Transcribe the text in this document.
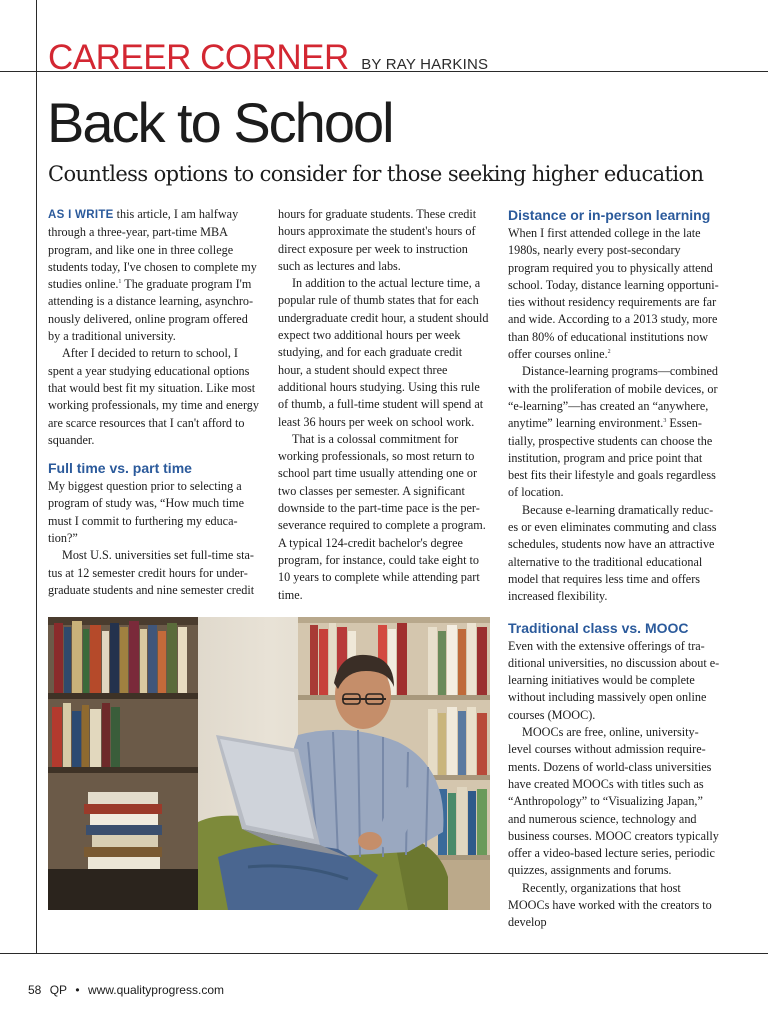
CAREER CORNER BY RAY HARKINS
Back to School
Countless options to consider for those seeking higher education

AS I WRITE this article, I am halfway through a three-year, part-time MBA program, and like one in three college students today, I've chosen to complete my studies online.$^1$ The graduate program I'm attending is a distance learning, asynchro-nously delivered, online program offered by a traditional university.

After I decided to return to school, I spent a year studying educational options that would best fit my situation. Like most working professionals, my time and energy are scarce resources that I can't afford to squander.

Full time vs. part time

My biggest question prior to selecting a program of study was, “How much time must I commit to furthering my educa-tion?”

Most U.S. universities set full-time sta-tus at 12 semester credit hours for under-graduate students and nine semester credit

hours for graduate students. These credit hours approximate the student's hours of direct exposure per week to instruction such as lectures and labs.

In addition to the actual lecture time, a popular rule of thumb states that for each undergraduate credit hour, a student should expect two additional hours per week studying, and for each graduate credit hour, a student should expect three additional hours studying. Using this rule of thumb, a full-time student will spend at least 36 hours per week on school work.

That is a colossal commitment for working professionals, so most return to school part time usually attending one or two classes per semester. A significant downside to the part-time pace is the per-severance required to complete a program. A typical 124-credit bachelor's degree program, for instance, could take eight to 10 years to complete while attending part time.

Distance or in-person learning

When I first attended college in the late 1980s, nearly every post-secondary program required you to physically attend school. Today, distance learning opportuni-ties without residency requirements are far and wide. According to a 2013 study, more than 80% of educational institutions now offer courses online.$^2$

Distance-learning programs—combined with the proliferation of mobile devices, or “e-learning”—has created an “anywhere, anytime” learning environment.$^3$ Essen-tially, prospective students can choose the institution, program and price point that best fits their lifestyle and goals regardless of location.

Because e-learning dramatically reduc-es or even eliminates commuting and class schedules, students now have an attractive alternative to the traditional educational model that requires less time and offers increased flexibility.

Traditional class vs. MOOC

Even with the extensive offerings of tra-ditional universities, no discussion about e-learning initiatives would be complete without including massively open online courses (MOOC).

MOOCs are free, online, university-level courses without admission require-ments. Dozens of world-class universities have created MOOCs with titles such as “Anthropology” to “Visualizing Japan,” and numerous science, technology and business courses. MOOC creators typically offer a video-based lecture series, periodic quizzes, assignments and forums.

Recently, organizations that host MOOCs have worked with the creators to develop

58 QP • www.qualityprogress.com
